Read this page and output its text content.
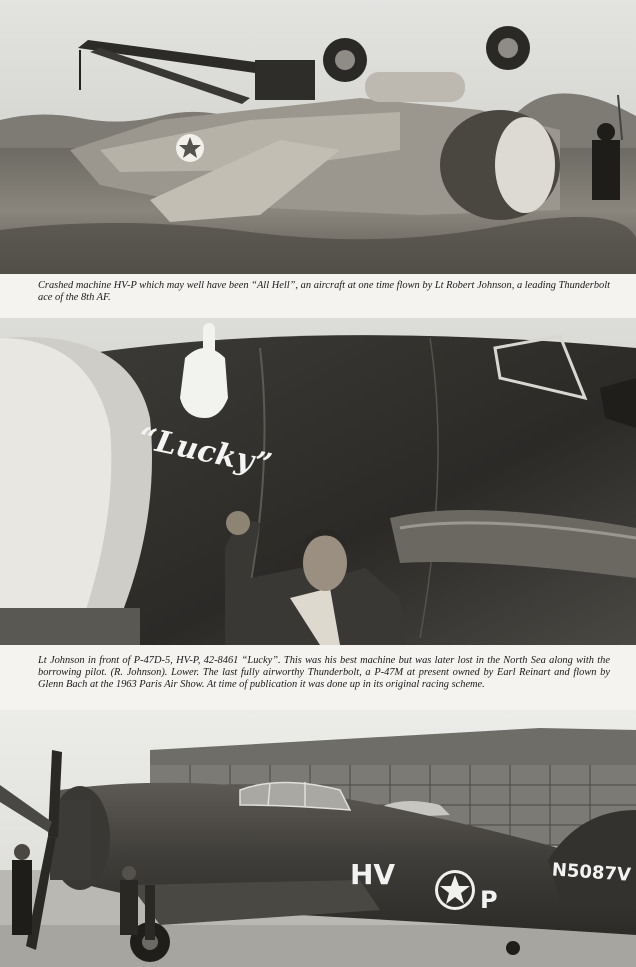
Crashed machine HV-P which may well have been “All Hell”, an aircraft at one time flown by Lt Robert Johnson, a leading Thunderbolt ace of the 8th AF.

“Lucky”

Lt Johnson in front of P-47D-5, HV-P, 42-8461 “Lucky”. This was his best machine but was later lost in the North Sea along with the borrowing pilot. (R. Johnson). Lower. The last fully airworthy Thunderbolt, a P-47M at present owned by Earl Reinart and flown by Glenn Bach at the 1963 Paris Air Show. At time of publication it was done up in its original racing scheme.

HV
P
N5087V
